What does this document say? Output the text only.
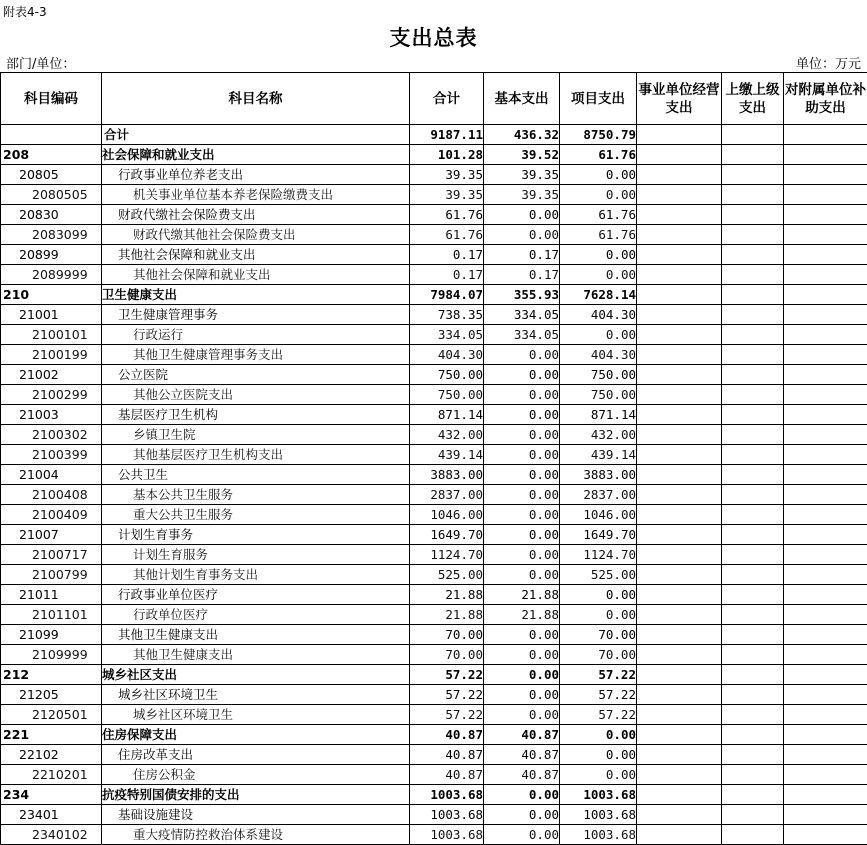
附表4-3
支出总表
部门/单位：	单位：万元
科目编码	科目名称	合计	基本支出	项目支出	事业单位经营支出	上缴上级支出	对附属单位补助支出
	合计	9187.11	436.32	8750.79			
208	社会保障和就业支出	101.28	39.52	61.76			
20805	行政事业单位养老支出	39.35	39.35	0.00			
2080505	机关事业单位基本养老保险缴费支出	39.35	39.35	0.00			
20830	财政代缴社会保险费支出	61.76	0.00	61.76			
2083099	财政代缴其他社会保险费支出	61.76	0.00	61.76			
20899	其他社会保障和就业支出	0.17	0.17	0.00			
2089999	其他社会保障和就业支出	0.17	0.17	0.00			
210	卫生健康支出	7984.07	355.93	7628.14			
21001	卫生健康管理事务	738.35	334.05	404.30			
2100101	行政运行	334.05	334.05	0.00			
2100199	其他卫生健康管理事务支出	404.30	0.00	404.30			
21002	公立医院	750.00	0.00	750.00			
2100299	其他公立医院支出	750.00	0.00	750.00			
21003	基层医疗卫生机构	871.14	0.00	871.14			
2100302	乡镇卫生院	432.00	0.00	432.00			
2100399	其他基层医疗卫生机构支出	439.14	0.00	439.14			
21004	公共卫生	3883.00	0.00	3883.00			
2100408	基本公共卫生服务	2837.00	0.00	2837.00			
2100409	重大公共卫生服务	1046.00	0.00	1046.00			
21007	计划生育事务	1649.70	0.00	1649.70			
2100717	计划生育服务	1124.70	0.00	1124.70			
2100799	其他计划生育事务支出	525.00	0.00	525.00			
21011	行政事业单位医疗	21.88	21.88	0.00			
2101101	行政单位医疗	21.88	21.88	0.00			
21099	其他卫生健康支出	70.00	0.00	70.00			
2109999	其他卫生健康支出	70.00	0.00	70.00			
212	城乡社区支出	57.22	0.00	57.22			
21205	城乡社区环境卫生	57.22	0.00	57.22			
2120501	城乡社区环境卫生	57.22	0.00	57.22			
221	住房保障支出	40.87	40.87	0.00			
22102	住房改革支出	40.87	40.87	0.00			
2210201	住房公积金	40.87	40.87	0.00			
234	抗疫特别国债安排的支出	1003.68	0.00	1003.68			
23401	基础设施建设	1003.68	0.00	1003.68			
2340102	重大疫情防控救治体系建设	1003.68	0.00	1003.68			
